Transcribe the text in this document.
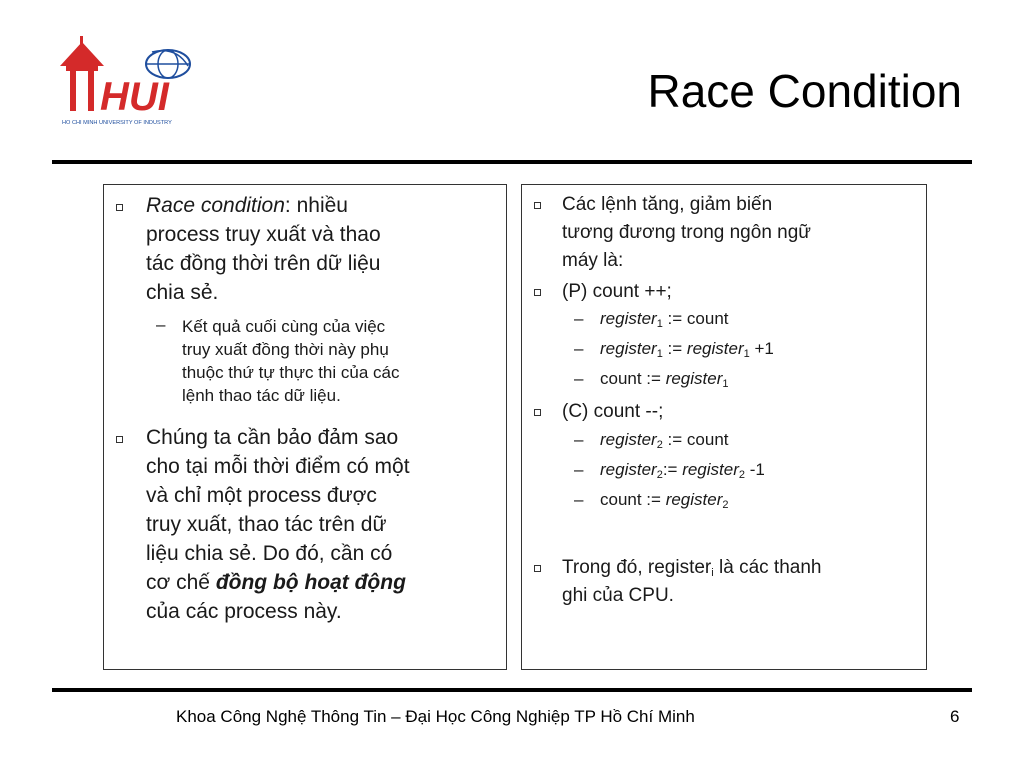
HUI
HO CHI MINH UNIVERSITY OF INDUSTRY
Race Condition
Race condition: nhiều
process truy xuất và thao
tác đồng thời trên dữ liệu
chia sẻ.
– Kết quả cuối cùng của việc
truy xuất đồng thời này phụ
thuộc thứ tự thực thi của các
lệnh thao tác dữ liệu.
Chúng ta cần bảo đảm sao
cho tại mỗi thời điểm có một
và chỉ một process được
truy xuất, thao tác trên dữ
liệu chia sẻ. Do đó, cần có
cơ chế đồng bộ hoạt động
của các process này.
Các lệnh tăng, giảm biến
tương đương trong ngôn ngữ
máy là:
(P) count ++;
– register$_1$ := count
– register$_1$ := register$_1$ +1
– count := register$_1$
(C) count --;
– register$_2$ := count
– register$_2$:= register$_2$ -1
– count := register$_2$
Trong đó, register$_i$ là các thanh
ghi của CPU.
Khoa Công Nghệ Thông Tin – Đại Học Công Nghiệp TP Hồ Chí Minh	6
